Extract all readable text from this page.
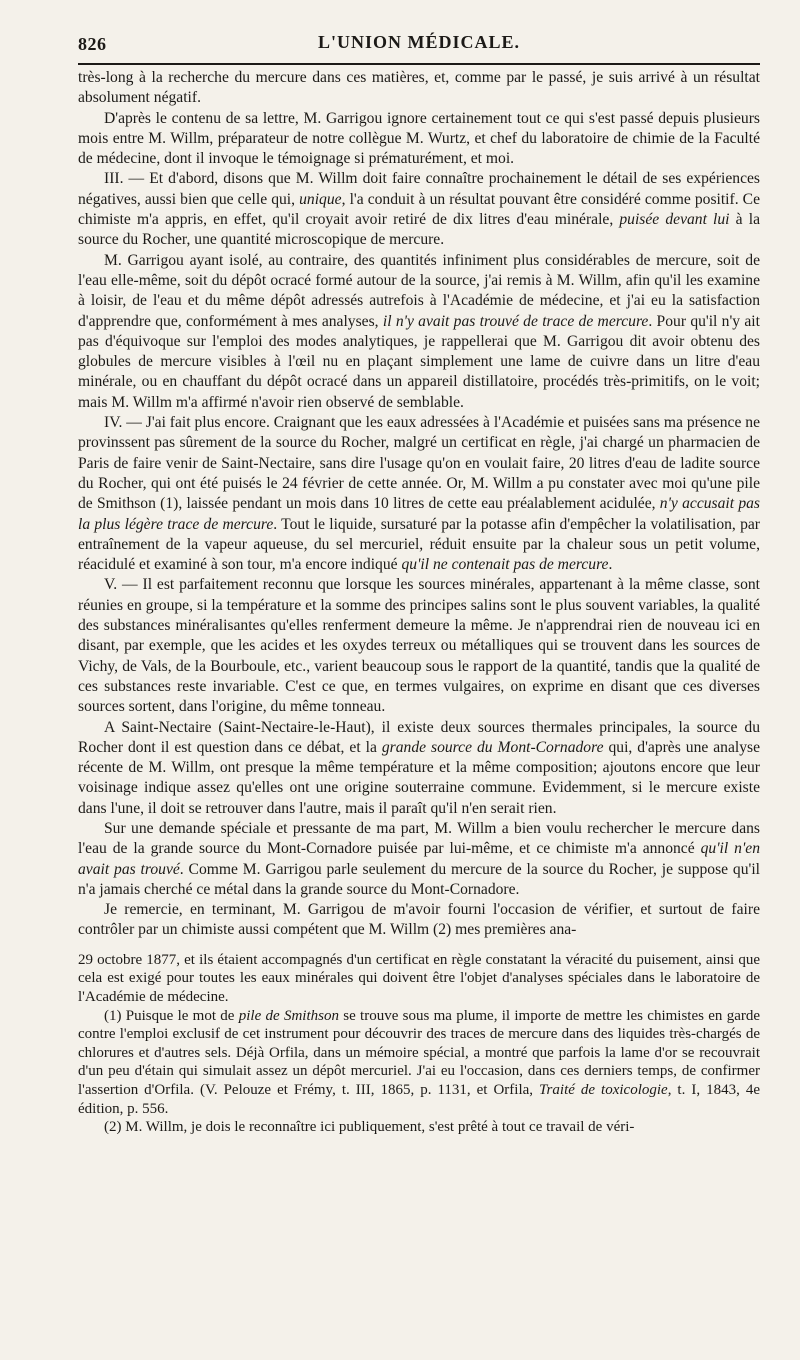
826	L'UNION MÉDICALE.

très-long à la recherche du mercure dans ces matières, et, comme par le passé, je suis arrivé à un résultat absolument négatif.

D'après le contenu de sa lettre, M. Garrigou ignore certainement tout ce qui s'est passé depuis plusieurs mois entre M. Willm, préparateur de notre collègue M. Wurtz, et chef du laboratoire de chimie de la Faculté de médecine, dont il invoque le témoignage si prématurément, et moi.

III. — Et d'abord, disons que M. Willm doit faire connaître prochainement le détail de ses expériences négatives, aussi bien que celle qui, unique, l'a conduit à un résultat pouvant être considéré comme positif. Ce chimiste m'a appris, en effet, qu'il croyait avoir retiré de dix litres d'eau minérale, puisée devant lui à la source du Rocher, une quantité microscopique de mercure.

M. Garrigou ayant isolé, au contraire, des quantités infiniment plus considérables de mercure, soit de l'eau elle-même, soit du dépôt ocracé formé autour de la source, j'ai remis à M. Willm, afin qu'il les examine à loisir, de l'eau et du même dépôt adressés autrefois à l'Académie de médecine, et j'ai eu la satisfaction d'apprendre que, conformément à mes analyses, il n'y avait pas trouvé de trace de mercure. Pour qu'il n'y ait pas d'équivoque sur l'emploi des modes analytiques, je rappellerai que M. Garrigou dit avoir obtenu des globules de mercure visibles à l'œil nu en plaçant simplement une lame de cuivre dans un litre d'eau minérale, ou en chauffant du dépôt ocracé dans un appareil distillatoire, procédés très-primitifs, on le voit; mais M. Willm m'a affirmé n'avoir rien observé de semblable.

IV. — J'ai fait plus encore. Craignant que les eaux adressées à l'Académie et puisées sans ma présence ne provinssent pas sûrement de la source du Rocher, malgré un certificat en règle, j'ai chargé un pharmacien de Paris de faire venir de Saint-Nectaire, sans dire l'usage qu'on en voulait faire, 20 litres d'eau de ladite source du Rocher, qui ont été puisés le 24 février de cette année. Or, M. Willm a pu constater avec moi qu'une pile de Smithson (1), laissée pendant un mois dans 10 litres de cette eau préalablement acidulée, n'y accusait pas la plus légère trace de mercure. Tout le liquide, sursaturé par la potasse afin d'empêcher la volatilisation, par entraînement de la vapeur aqueuse, du sel mercuriel, réduit ensuite par la chaleur sous un petit volume, réacidulé et examiné à son tour, m'a encore indiqué qu'il ne contenait pas de mercure.

V. — Il est parfaitement reconnu que lorsque les sources minérales, appartenant à la même classe, sont réunies en groupe, si la température et la somme des principes salins sont le plus souvent variables, la qualité des substances minéralisantes qu'elles renferment demeure la même. Je n'apprendrai rien de nouveau ici en disant, par exemple, que les acides et les oxydes terreux ou métalliques qui se trouvent dans les sources de Vichy, de Vals, de la Bourboule, etc., varient beaucoup sous le rapport de la quantité, tandis que la qualité de ces substances reste invariable. C'est ce que, en termes vulgaires, on exprime en disant que ces diverses sources sortent, dans l'origine, du même tonneau.

A Saint-Nectaire (Saint-Nectaire-le-Haut), il existe deux sources thermales principales, la source du Rocher dont il est question dans ce débat, et la grande source du Mont-Cornadore qui, d'après une analyse récente de M. Willm, ont presque la même température et la même composition; ajoutons encore que leur voisinage indique assez qu'elles ont une origine souterraine commune. Evidemment, si le mercure existe dans l'une, il doit se retrouver dans l'autre, mais il paraît qu'il n'en serait rien.

Sur une demande spéciale et pressante de ma part, M. Willm a bien voulu rechercher le mercure dans l'eau de la grande source du Mont-Cornadore puisée par lui-même, et ce chimiste m'a annoncé qu'il n'en avait pas trouvé. Comme M. Garrigou parle seulement du mercure de la source du Rocher, je suppose qu'il n'a jamais cherché ce métal dans la grande source du Mont-Cornadore.

Je remercie, en terminant, M. Garrigou de m'avoir fourni l'occasion de vérifier, et surtout de faire contrôler par un chimiste aussi compétent que M. Willm (2) mes premières ana-

29 octobre 1877, et ils étaient accompagnés d'un certificat en règle constatant la véracité du puisement, ainsi que cela est exigé pour toutes les eaux minérales qui doivent être l'objet d'analyses spéciales dans le laboratoire de l'Académie de médecine.

(1) Puisque le mot de pile de Smithson se trouve sous ma plume, il importe de mettre les chimistes en garde contre l'emploi exclusif de cet instrument pour découvrir des traces de mercure dans des liquides très-chargés de chlorures et d'autres sels. Déjà Orfila, dans un mémoire spécial, a montré que parfois la lame d'or se recouvrait d'un peu d'étain qui simulait assez un dépôt mercuriel. J'ai eu l'occasion, dans ces derniers temps, de confirmer l'assertion d'Orfila. (V. Pelouze et Frémy, t. III, 1865, p. 1131, et Orfila, Traité de toxicologie, t. I, 1843, 4e édition, p. 556.

(2) M. Willm, je dois le reconnaître ici publiquement, s'est prêté à tout ce travail de véri-
